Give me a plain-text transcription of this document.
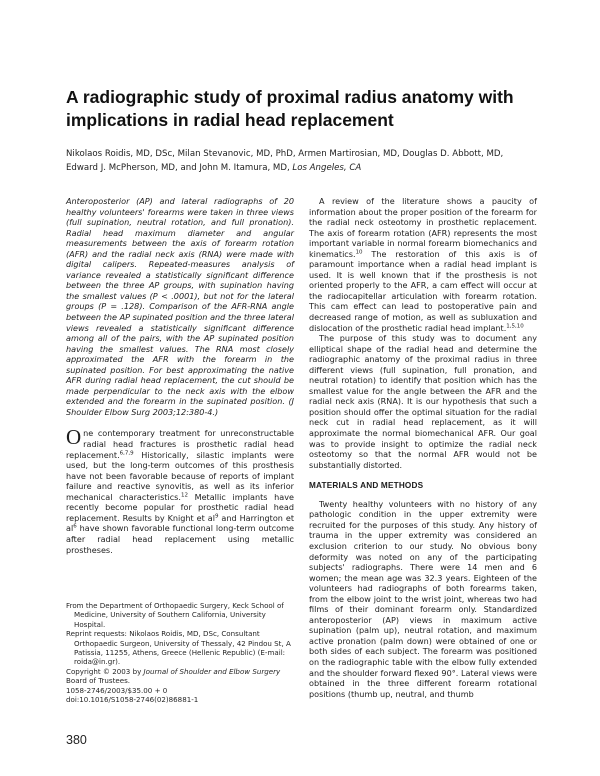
A radiographic study of proximal radius anatomy with implications in radial head replacement
Nikolaos Roidis, MD, DSc, Milan Stevanovic, MD, PhD, Armen Martirosian, MD, Douglas D. Abbott, MD, Edward J. McPherson, MD, and John M. Itamura, MD, Los Angeles, CA

Anteroposterior (AP) and lateral radiographs of 20 healthy volunteers' forearms were taken in three views (full supination, neutral rotation, and full pronation). Radial head maximum diameter and angular measurements between the axis of forearm rotation (AFR) and the radial neck axis (RNA) were made with digital calipers. Repeated-measures analysis of variance revealed a statistically significant difference between the three AP groups, with supination having the smallest values (P < .0001), but not for the lateral groups (P = .128). Comparison of the AFR-RNA angle between the AP supinated position and the three lateral views revealed a statistically significant difference among all of the pairs, with the AP supinated position having the smallest values. The RNA most closely approximated the AFR with the forearm in the supinated position. For best approximating the native AFR during radial head replacement, the cut should be made perpendicular to the neck axis with the elbow extended and the forearm in the supinated position. (J Shoulder Elbow Surg 2003;12:380-4.)

One contemporary treatment for unreconstructable radial head fractures is prosthetic radial head replacement.$^{6,7,9}$ Historically, silastic implants were used, but the long-term outcomes of this prosthesis have not been favorable because of reports of implant failure and reactive synovitis, as well as its inferior mechanical characteristics.$^{12}$ Metallic implants have recently become popular for prosthetic radial head replacement. Results by Knight et $al^9$ and Harrington et $al^6$ have shown favorable functional long-term outcome after radial head replacement using metallic prostheses.

From the Department of Orthopaedic Surgery, Keck School of Medicine, University of Southern California, University Hospital.

Reprint requests: Nikolaos Roidis, MD, DSc, Consultant Orthopaedic Surgeon, University of Thessaly, 42 Pindou St, A Patissia, 11255, Athens, Greece (Hellenic Republic) (E-mail: roida@in.gr).

Copyright © 2003 by Journal of Shoulder and Elbow Surgery Board of Trustees.

1058-2746/2003/$35.00 + 0

doi:10.1016/S1058-2746(02)86881-1

A review of the literature shows a paucity of information about the proper position of the forearm for the radial neck osteotomy in prosthetic replacement. The axis of forearm rotation (AFR) represents the most important variable in normal forearm biomechanics and kinematics.$^{10}$ The restoration of this axis is of paramount importance when a radial head implant is used. It is well known that if the prosthesis is not oriented properly to the AFR, a cam effect will occur at the radiocapitellar articulation with forearm rotation. This cam effect can lead to postoperative pain and decreased range of motion, as well as subluxation and dislocation of the prosthetic radial head implant.$^{1,5,10}$

The purpose of this study was to document any elliptical shape of the radial head and determine the radiographic anatomy of the proximal radius in three different views (full supination, full pronation, and neutral rotation) to identify that position which has the smallest value for the angle between the AFR and the radial neck axis (RNA). It is our hypothesis that such a position should offer the optimal situation for the radial neck cut in radial head replacement, as it will approximate the normal biomechanical AFR. Our goal was to provide insight to optimize the radial neck osteotomy so that the normal AFR would not be substantially distorted.

MATERIALS AND METHODS

Twenty healthy volunteers with no history of any pathologic condition in the upper extremity were recruited for the purposes of this study. Any history of trauma in the upper extremity was considered an exclusion criterion to our study. No obvious bony deformity was noted on any of the participating subjects' radiographs. There were 14 men and 6 women; the mean age was 32.3 years. Eighteen of the volunteers had radiographs of both forearms taken, from the elbow joint to the wrist joint, whereas two had films of their dominant forearm only. Standardized anteroposterior (AP) views in maximum active supination (palm up), neutral rotation, and maximum active pronation (palm down) were obtained of one or both sides of each subject. The forearm was positioned on the radiographic table with the elbow fully extended and the shoulder forward flexed 90°. Lateral views were obtained in the three different forearm rotational positions (thumb up, neutral, and thumb

380
